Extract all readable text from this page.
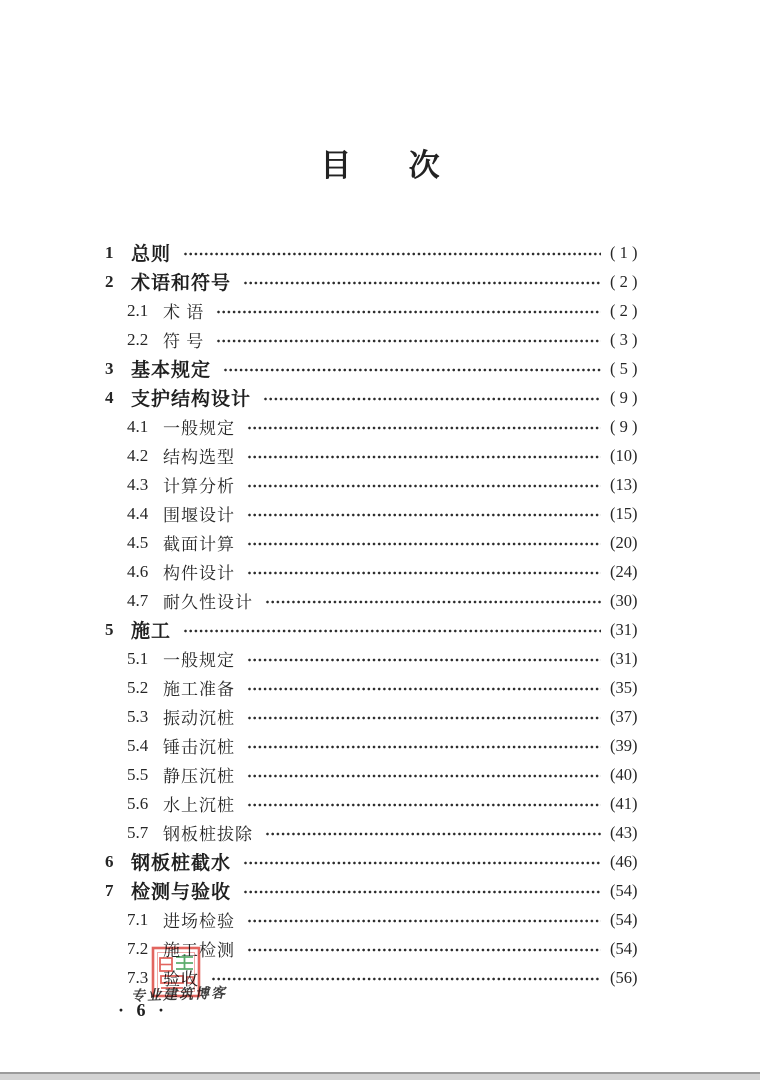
目次
1 总则	( 1 )
2 术语和符号	( 2 )
2.1 术 语	( 2 )
2.2 符 号	( 3 )
3 基本规定	( 5 )
4 支护结构设计	( 9 )
4.1 一般规定	( 9 )
4.2 结构选型	(10)
4.3 计算分析	(13)
4.4 围堰设计	(15)
4.5 截面计算	(20)
4.6 构件设计	(24)
4.7 耐久性设计	(30)
5 施工	(31)
5.1 一般规定	(31)
5.2 施工准备	(35)
5.3 振动沉桩	(37)
5.4 锤击沉桩	(39)
5.5 静压沉桩	(40)
5.6 水上沉桩	(41)
5.7 钢板桩拔除	(43)
6 钢板桩截水	(46)
7 检测与验收	(54)
7.1 进场检验	(54)
7.2 施工检测	(54)
7.3 验收	(56)
专业建筑博客
· 6 ·
